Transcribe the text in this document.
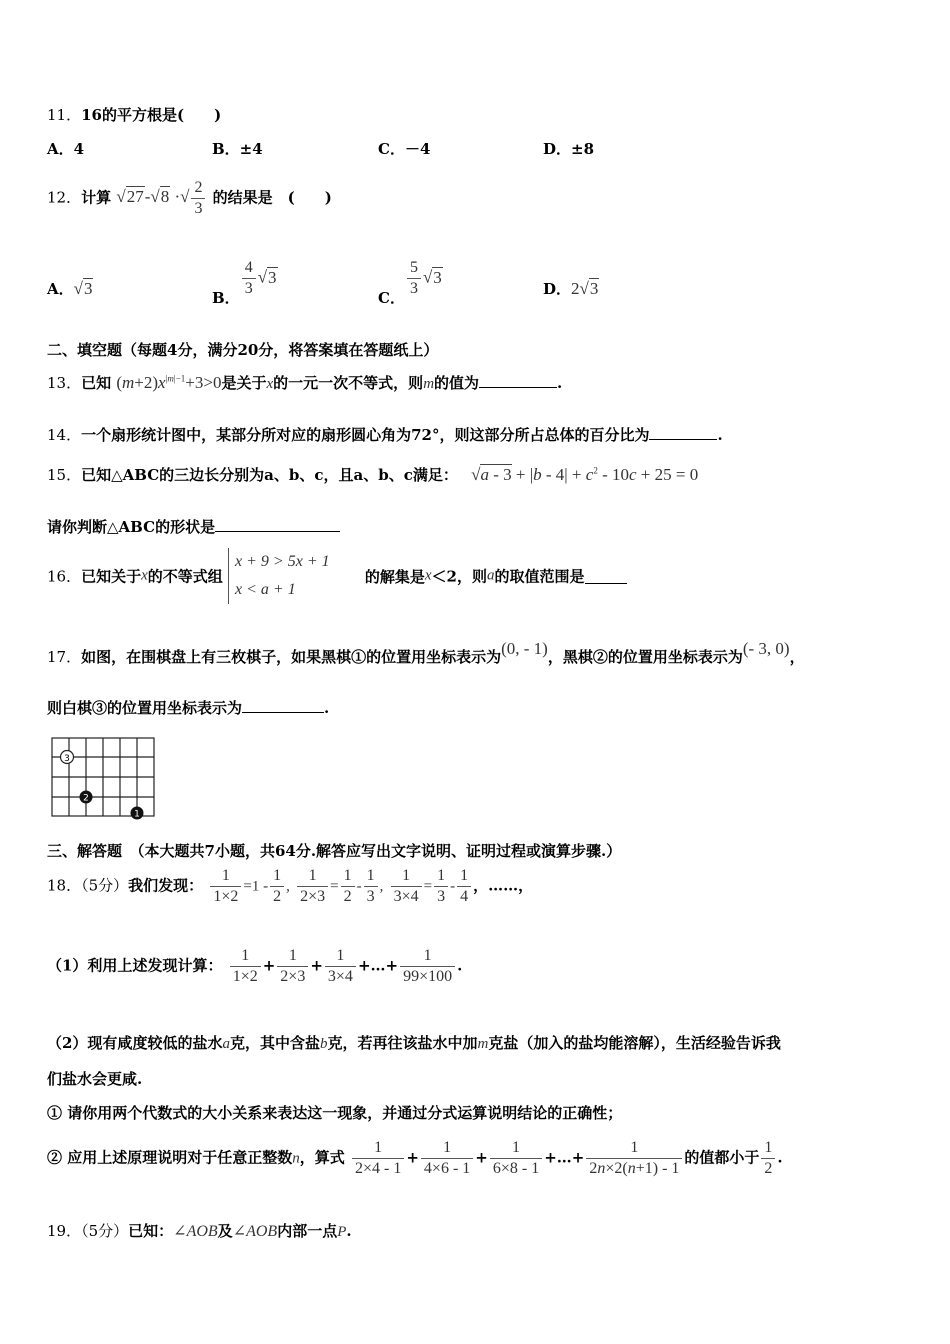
11．16的平方根是(　　)
A．4	B．±4	C．－4	D．±8
12．计算 √27-√8 ·√ $\frac{2}{3}$ 的结果是　(　　)
A．√3	B． $\frac{4}{3} √3$
C． $\frac{5}{3} √3$
D．2√3
二、填空题（每题4分，满分20分，将答案填在答题纸上）
13．已知 $(m+2)x^{|m|-1}+3>0$是关于x的一元一次不等式，则m的值为	.
14．一个扇形统计图中，某部分所对应的扇形圆心角为72°，则这部分所占总体的百分比为	.
15．已知△ABC的三边长分别为a、b、c，且a、b、c满足： $√a - 3 + |b - 4| + c^2 - 10c + 25 = 0$
请你判断△ABC的形状是
16．已知关于x的不等式组 x + 9 > 5x + 1
x < a + 1 的解集是x＜2，则a的取值范围是
17．如图，在围棋盘上有三枚棋子，如果黑棋①的位置用坐标表示为(0, - 1)，黑棋②的位置用坐标表示为(- 3, 0)，
则白棋③的位置用坐标表示为	.
3
2
1
三、解答题　（本大题共7小题，共64分.解答应写出文字说明、证明过程或演算步骤.）
18．（5分）我们发现： $\frac{1}{1\times 2} =1 - \frac{1}{2}$ , $\frac{1}{2\times 3} = \frac{1}{2} - \frac{1}{3}$ , $\frac{1}{3\times 4} = \frac{1}{3} - \frac{1}{4}$ ，……，
（1）利用上述发现计算： $\frac{1}{1\times 2} + \frac{1}{2\times 3} + \frac{1}{3\times 4}$ +…+ $\frac{1}{99\times 100}$ .
（2）现有咸度较低的盐水a克，其中含盐b克，若再往该盐水中加m克盐（加入的盐均能溶解），生活经验告诉我
们盐水会更咸.
① 请你用两个代数式的大小关系来表达这一现象，并通过分式运算说明结论的正确性；
② 应用上述原理说明对于任意正整数n，算式 $\frac{1}{2\times 4 - 1} + \frac{1}{4\times 6 - 1} + \frac{1}{6\times 8 - 1}$ +…+ $\frac{1}{2n\times 2(n+1) - 1}$ 的值都小于 $\frac{1}{2}$ .
19．（5分）已知：∠AOB及∠AOB内部一点P.
